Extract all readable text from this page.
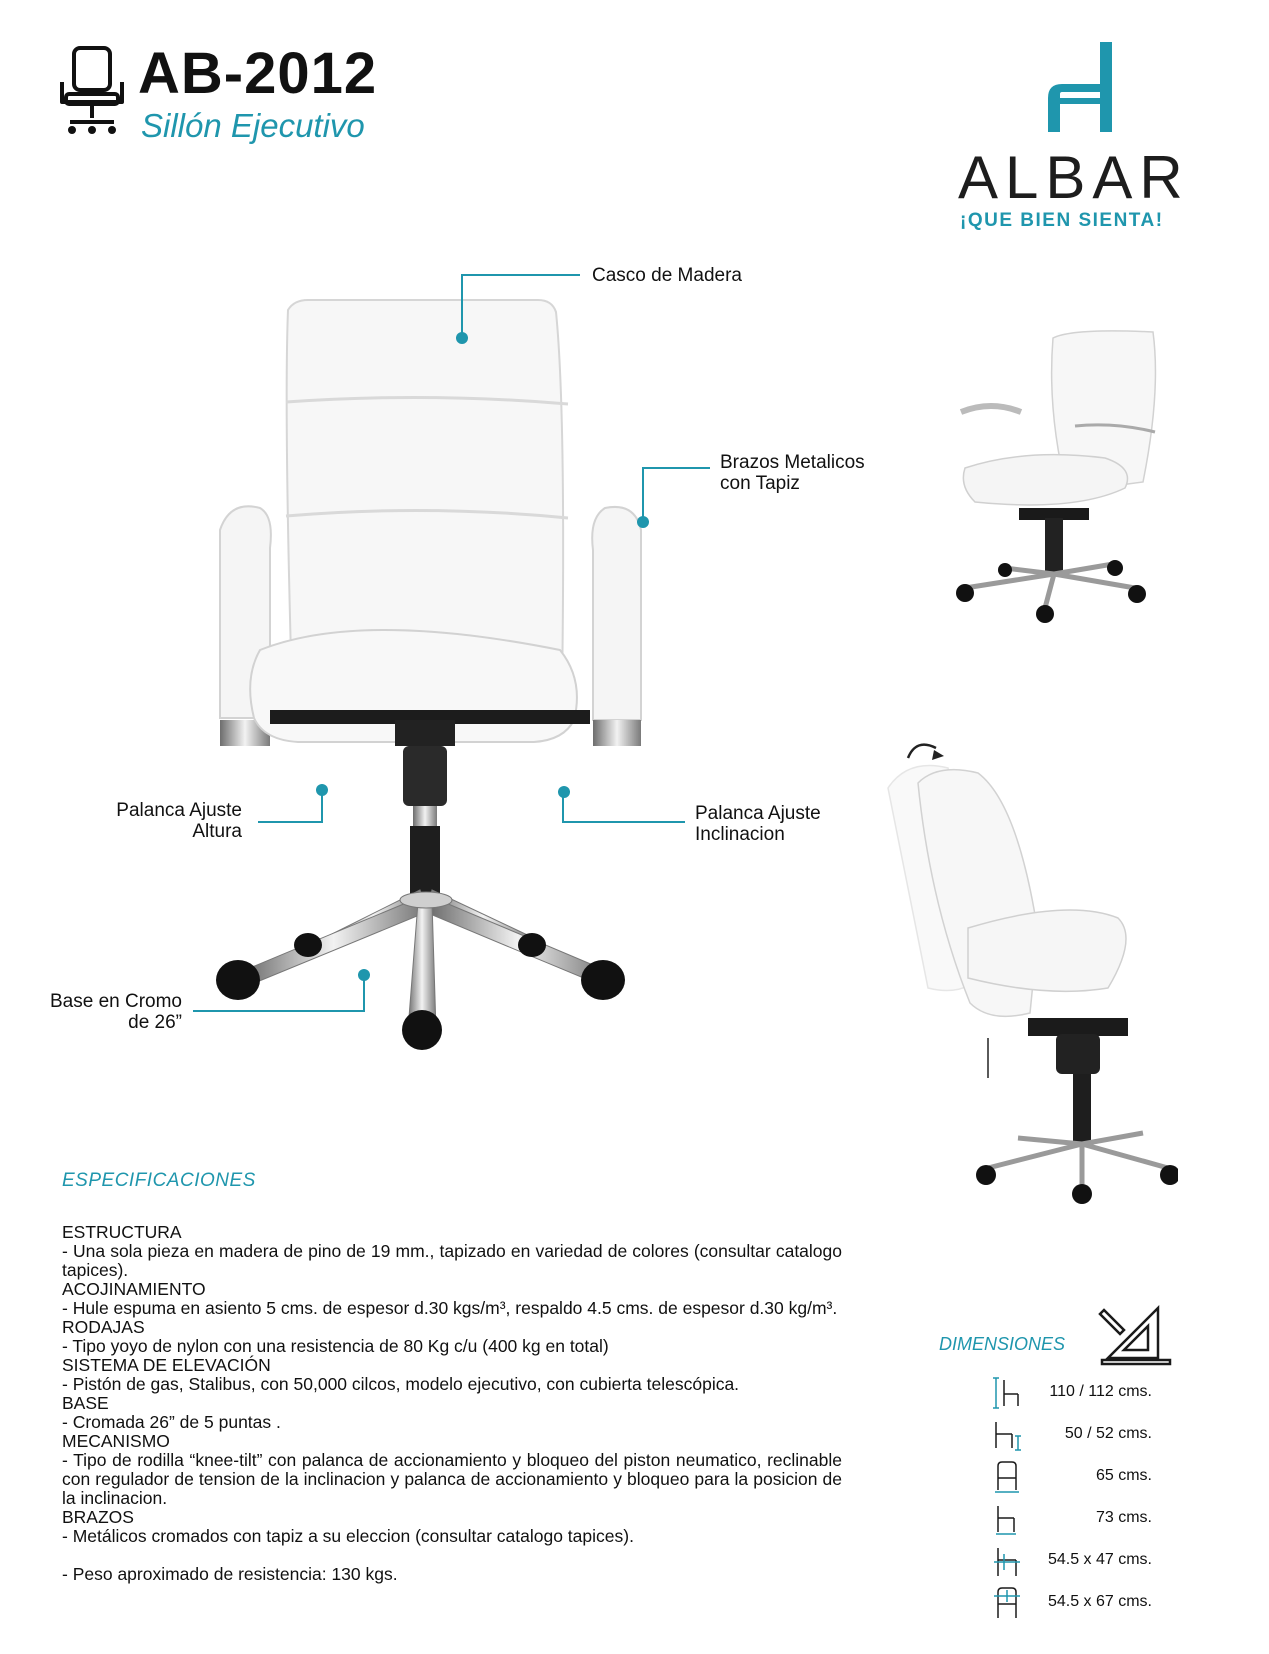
AB-2012
Sillón Ejecutivo
ALBAR
¡QUE BIEN SIENTA!
Casco de Madera
Brazos Metalicos
con Tapiz
Palanca Ajuste
Altura
Palanca Ajuste
Inclinacion
Base en Cromo
de 26”
ESPECIFICACIONES
ESTRUCTURA
- Una sola pieza en madera de pino de 19 mm., tapizado en variedad de colores (consultar catalogo tapices).
ACOJINAMIENTO
- Hule espuma en asiento 5 cms. de espesor d.30 kgs/m³, respaldo 4.5 cms. de espesor d.30 kg/m³.
RODAJAS
- Tipo yoyo de nylon con una resistencia de 80 Kg c/u (400 kg en total)
SISTEMA DE ELEVACIÓN
- Pistón de gas, Stalibus, con 50,000 cilcos, modelo ejecutivo, con cubierta telescópica.
BASE
- Cromada 26” de 5 puntas .
MECANISMO
- Tipo de rodilla “knee-tilt” con palanca de accionamiento y bloqueo del piston neumatico, reclinable con regulador de tension de la inclinacion y palanca de accionamiento y bloqueo para la posicion de la inclinacion.
BRAZOS
- Metálicos cromados con tapiz a su eleccion (consultar catalogo tapices).
- Peso aproximado de resistencia: 130 kgs.
DIMENSIONES
110 / 112 cms.
50 / 52 cms.
65 cms.
73 cms.
54.5 x 47 cms.
54.5 x 67 cms.
